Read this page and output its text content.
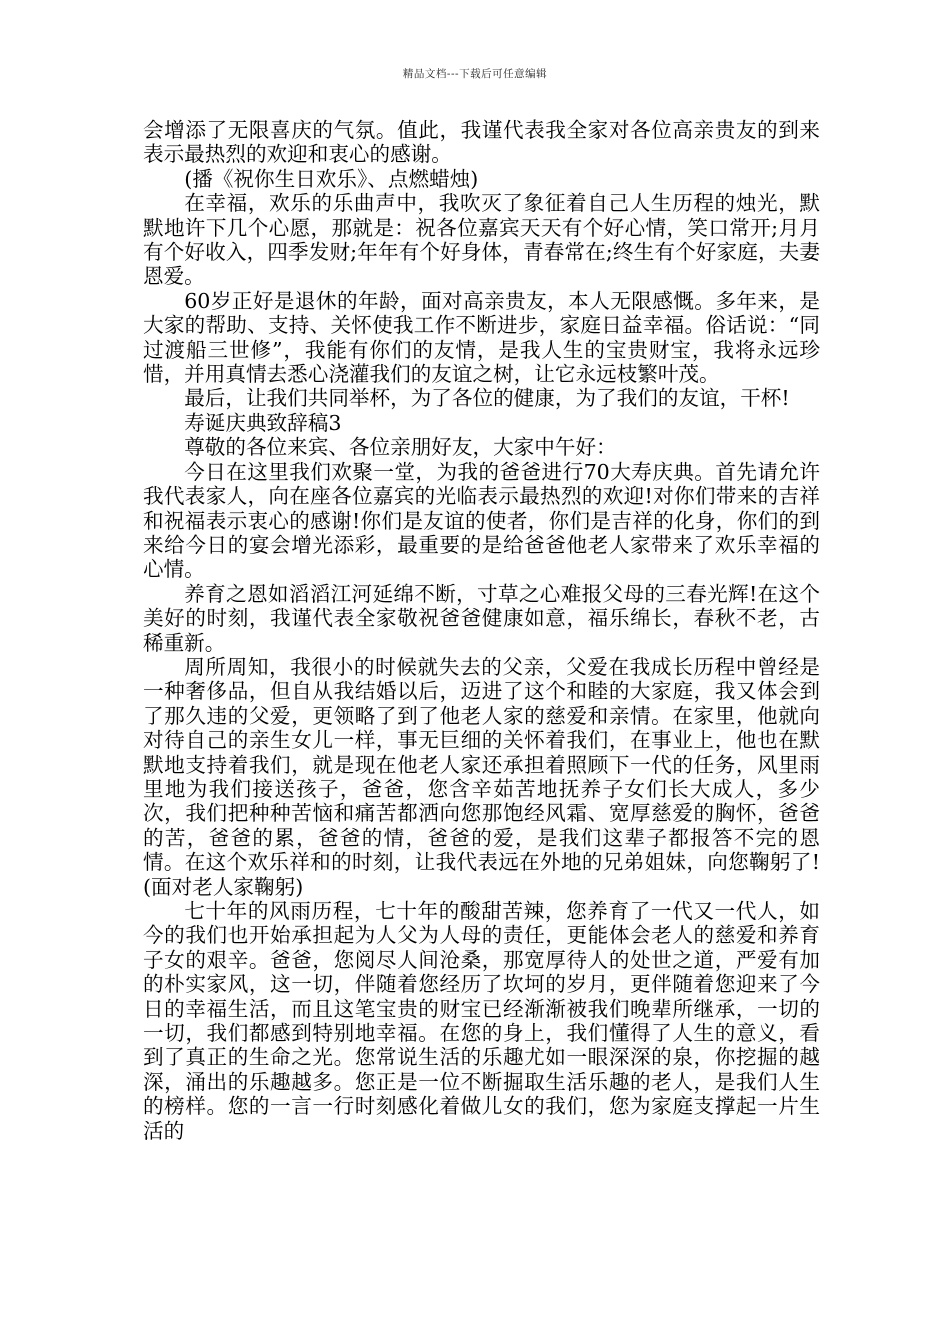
精品文档---下载后可任意编辑

会增添了无限喜庆的气氛。值此，我谨代表我全家对各位高亲贵友的到来表示最热烈的欢迎和衷心的感谢。

(播《祝你生日欢乐》、点燃蜡烛)

在幸福，欢乐的乐曲声中，我吹灭了象征着自己人生历程的烛光，默默地许下几个心愿，那就是：祝各位嘉宾天天有个好心情，笑口常开;月月有个好收入，四季发财;年年有个好身体，青春常在;终生有个好家庭，夫妻恩爱。

60岁正好是退休的年龄，面对高亲贵友，本人无限感慨。多年来，是大家的帮助、支持、关怀使我工作不断进步，家庭日益幸福。俗话说：“同过渡船三世修”，我能有你们的友情，是我人生的宝贵财宝，我将永远珍惜，并用真情去悉心浇灌我们的友谊之树，让它永远枝繁叶茂。

最后，让我们共同举杯，为了各位的健康，为了我们的友谊，干杯!

寿诞庆典致辞稿3

尊敬的各位来宾、各位亲朋好友，大家中午好：

今日在这里我们欢聚一堂，为我的爸爸进行70大寿庆典。首先请允许我代表家人，向在座各位嘉宾的光临表示最热烈的欢迎!对你们带来的吉祥和祝福表示衷心的感谢!你们是友谊的使者，你们是吉祥的化身，你们的到来给今日的宴会增光添彩，最重要的是给爸爸他老人家带来了欢乐幸福的心情。

养育之恩如滔滔江河延绵不断，寸草之心难报父母的三春光辉!在这个美好的时刻，我谨代表全家敬祝爸爸健康如意，福乐绵长，春秋不老，古稀重新。

周所周知，我很小的时候就失去的父亲，父爱在我成长历程中曾经是一种奢侈品，但自从我结婚以后，迈进了这个和睦的大家庭，我又体会到了那久违的父爱，更领略了到了他老人家的慈爱和亲情。在家里，他就向对待自己的亲生女儿一样，事无巨细的关怀着我们，在事业上，他也在默默地支持着我们，就是现在他老人家还承担着照顾下一代的任务，风里雨里地为我们接送孩子，爸爸，您含辛茹苦地抚养子女们长大成人，多少次，我们把种种苦恼和痛苦都洒向您那饱经风霜、宽厚慈爱的胸怀，爸爸的苦，爸爸的累，爸爸的情，爸爸的爱，是我们这辈子都报答不完的恩情。在这个欢乐祥和的时刻，让我代表远在外地的兄弟姐妹，向您鞠躬了!(面对老人家鞠躬)

七十年的风雨历程，七十年的酸甜苦辣，您养育了一代又一代人，如今的我们也开始承担起为人父为人母的责任，更能体会老人的慈爱和养育子女的艰辛。爸爸，您阅尽人间沧桑，那宽厚待人的处世之道，严爱有加的朴实家风，这一切，伴随着您经历了坎坷的岁月，更伴随着您迎来了今日的幸福生活，而且这笔宝贵的财宝已经渐渐被我们晚辈所继承，一切的一切，我们都感到特别地幸福。在您的身上，我们懂得了人生的意义，看到了真正的生命之光。您常说生活的乐趣尤如一眼深深的泉，你挖掘的越深，涌出的乐趣越多。您正是一位不断掘取生活乐趣的老人，是我们人生的榜样。您的一言一行时刻感化着做儿女的我们，您为家庭支撑起一片生活的
